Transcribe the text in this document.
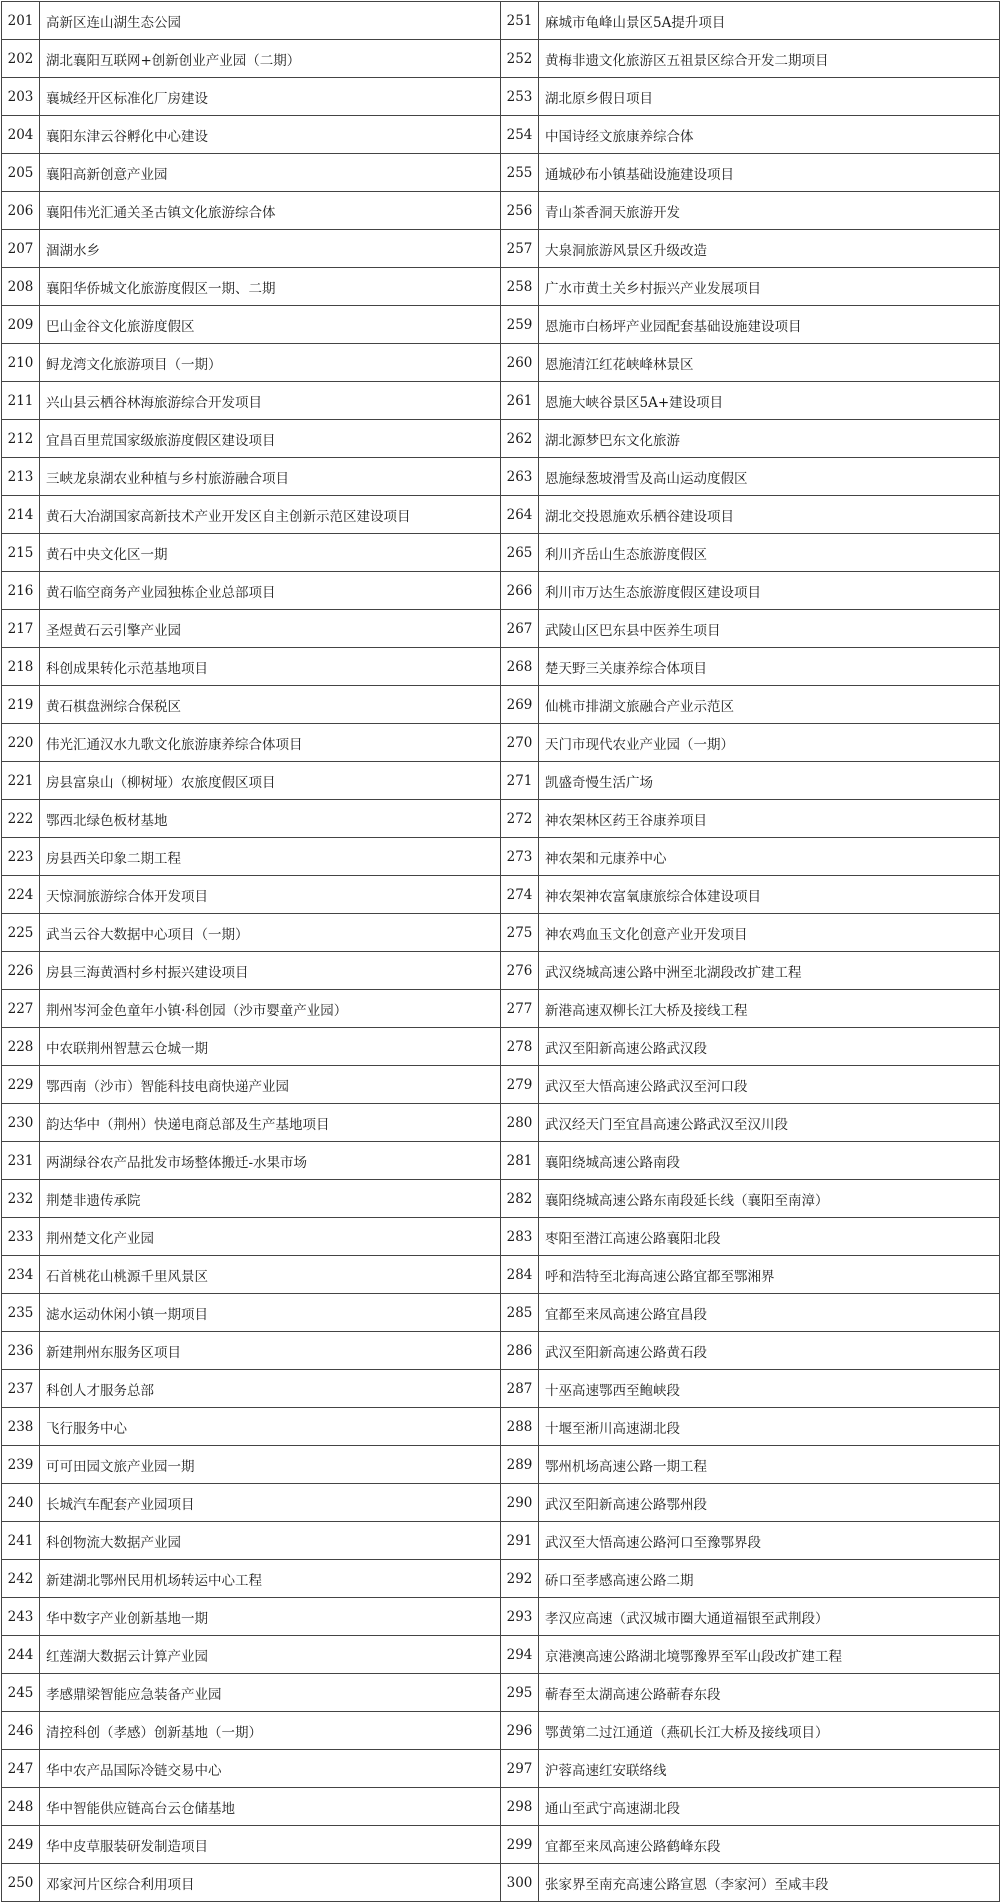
201	高新区连山湖生态公园	251	麻城市龟峰山景区5A提升项目
202	湖北襄阳互联网+创新创业产业园（二期）	252	黄梅非遗文化旅游区五祖景区综合开发二期项目
203	襄城经开区标准化厂房建设	253	湖北原乡假日项目
204	襄阳东津云谷孵化中心建设	254	中国诗经文旅康养综合体
205	襄阳高新创意产业园	255	通城砂布小镇基础设施建设项目
206	襄阳伟光汇通关圣古镇文化旅游综合体	256	青山茶香洞天旅游开发
207	涸湖水乡	257	大泉洞旅游风景区升级改造
208	襄阳华侨城文化旅游度假区一期、二期	258	广水市黄土关乡村振兴产业发展项目
209	巴山金谷文化旅游度假区	259	恩施市白杨坪产业园配套基础设施建设项目
210	鲟龙湾文化旅游项目（一期）	260	恩施清江红花峡峰林景区
211	兴山县云栖谷林海旅游综合开发项目	261	恩施大峡谷景区5A+建设项目
212	宜昌百里荒国家级旅游度假区建设项目	262	湖北源梦巴东文化旅游
213	三峡龙泉湖农业种植与乡村旅游融合项目	263	恩施绿葱坡滑雪及高山运动度假区
214	黄石大冶湖国家高新技术产业开发区自主创新示范区建设项目	264	湖北交投恩施欢乐栖谷建设项目
215	黄石中央文化区一期	265	利川齐岳山生态旅游度假区
216	黄石临空商务产业园独栋企业总部项目	266	利川市万达生态旅游度假区建设项目
217	圣煜黄石云引擎产业园	267	武陵山区巴东县中医养生项目
218	科创成果转化示范基地项目	268	楚天野三关康养综合体项目
219	黄石棋盘洲综合保税区	269	仙桃市排湖文旅融合产业示范区
220	伟光汇通汉水九歌文化旅游康养综合体项目	270	天门市现代农业产业园（一期）
221	房县富泉山（柳树垭）农旅度假区项目	271	凯盛奇慢生活广场
222	鄂西北绿色板材基地	272	神农架林区药王谷康养项目
223	房县西关印象二期工程	273	神农架和元康养中心
224	天惊洞旅游综合体开发项目	274	神农架神农富氧康旅综合体建设项目
225	武当云谷大数据中心项目（一期）	275	神农鸡血玉文化创意产业开发项目
226	房县三海黄酒村乡村振兴建设项目	276	武汉绕城高速公路中洲至北湖段改扩建工程
227	荆州岑河金色童年小镇·科创园（沙市婴童产业园）	277	新港高速双柳长江大桥及接线工程
228	中农联荆州智慧云仓城一期	278	武汉至阳新高速公路武汉段
229	鄂西南（沙市）智能科技电商快递产业园	279	武汉至大悟高速公路武汉至河口段
230	韵达华中（荆州）快递电商总部及生产基地项目	280	武汉经天门至宜昌高速公路武汉至汉川段
231	两湖绿谷农产品批发市场整体搬迁-水果市场	281	襄阳绕城高速公路南段
232	荆楚非遗传承院	282	襄阳绕城高速公路东南段延长线（襄阳至南漳）
233	荆州楚文化产业园	283	枣阳至潜江高速公路襄阳北段
234	石首桃花山桃源千里风景区	284	呼和浩特至北海高速公路宜都至鄂湘界
235	滤水运动休闲小镇一期项目	285	宜都至来凤高速公路宜昌段
236	新建荆州东服务区项目	286	武汉至阳新高速公路黄石段
237	科创人才服务总部	287	十巫高速鄂西至鲍峡段
238	飞行服务中心	288	十堰至淅川高速湖北段
239	可可田园文旅产业园一期	289	鄂州机场高速公路一期工程
240	长城汽车配套产业园项目	290	武汉至阳新高速公路鄂州段
241	科创物流大数据产业园	291	武汉至大悟高速公路河口至豫鄂界段
242	新建湖北鄂州民用机场转运中心工程	292	硚口至孝感高速公路二期
243	华中数字产业创新基地一期	293	孝汉应高速（武汉城市圈大通道福银至武荆段）
244	红莲湖大数据云计算产业园	294	京港澳高速公路湖北境鄂豫界至军山段改扩建工程
245	孝感鼎梁智能应急装备产业园	295	蕲春至太湖高速公路蕲春东段
246	清控科创（孝感）创新基地（一期）	296	鄂黄第二过江通道（燕矶长江大桥及接线项目）
247	华中农产品国际冷链交易中心	297	沪蓉高速红安联络线
248	华中智能供应链高台云仓储基地	298	通山至武宁高速湖北段
249	华中皮草服装研发制造项目	299	宜都至来凤高速公路鹤峰东段
250	邓家河片区综合利用项目	300	张家界至南充高速公路宣恩（李家河）至咸丰段
